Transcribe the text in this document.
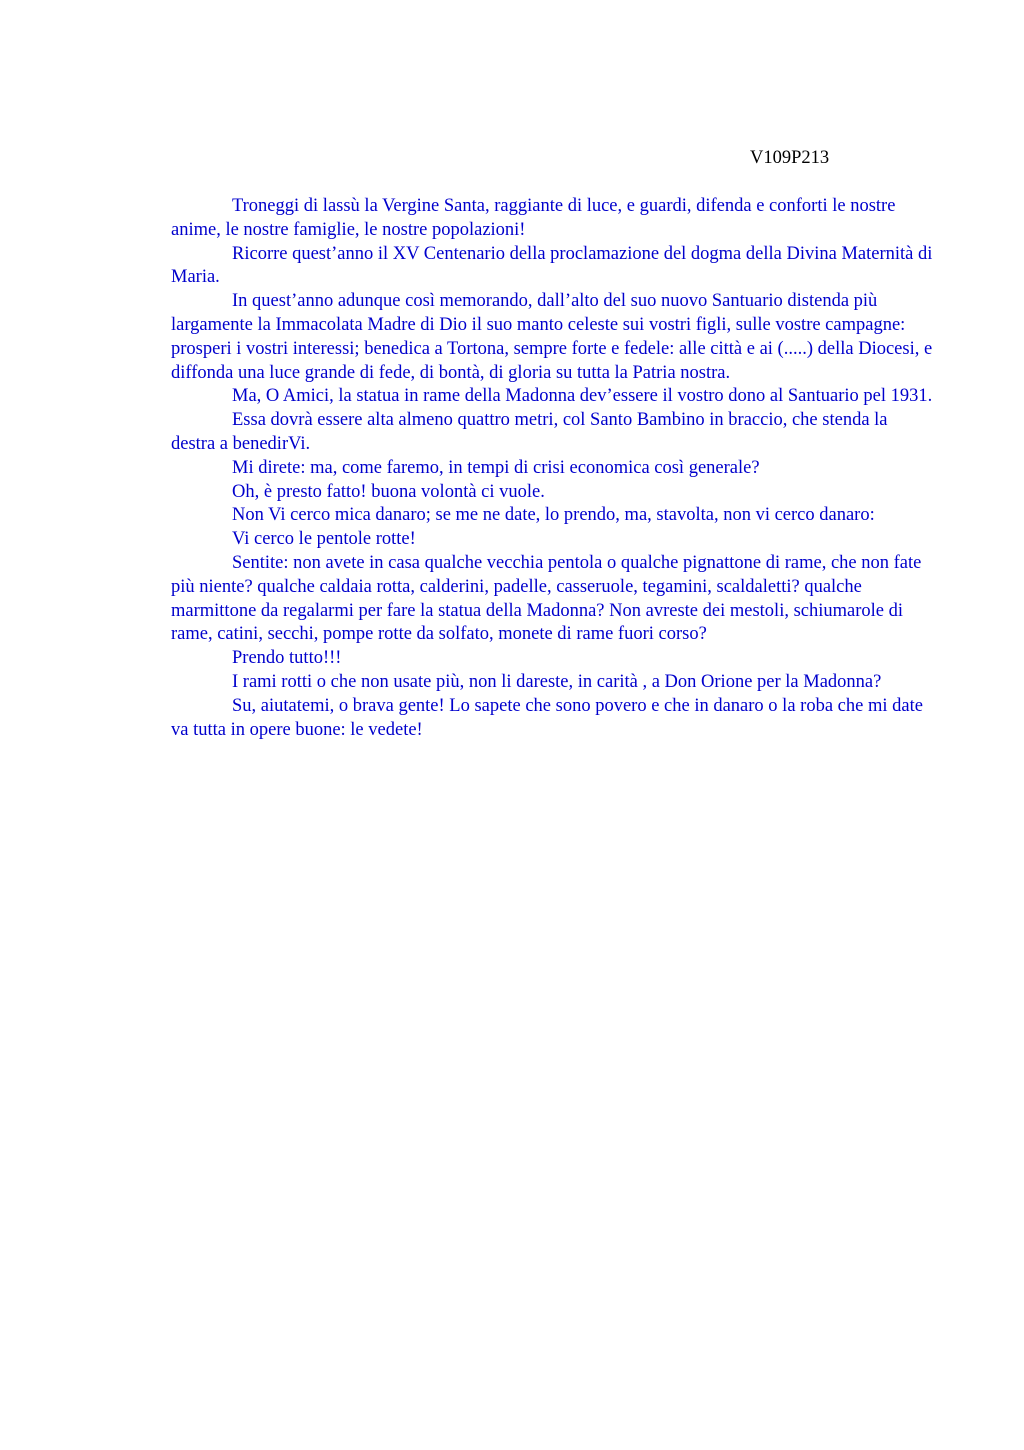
V109P213

Troneggi di lassù la Vergine Santa, raggiante di luce, e guardi, difenda e conforti le nostre anime, le nostre famiglie, le nostre popolazioni!

Ricorre quest’anno il XV Centenario della proclamazione del dogma della Divina Maternità di Maria.

In quest’anno adunque così memorando, dall’alto del suo nuovo Santuario distenda più largamente la Immacolata Madre di Dio il suo manto celeste sui vostri figli, sulle vostre campagne: prosperi i vostri interessi; benedica a Tortona, sempre forte e fedele: alle città e ai (.....) della Diocesi, e diffonda una luce grande di fede, di bontà, di gloria su tutta la Patria nostra.

Ma, O Amici, la statua in rame della Madonna dev’essere il vostro dono al Santuario pel 1931.

Essa dovrà essere alta almeno quattro metri, col Santo Bambino in braccio, che stenda la destra a benedirVi.

Mi direte: ma, come faremo, in tempi di crisi economica così generale?

Oh, è presto fatto! buona volontà ci vuole.

Non Vi cerco mica danaro; se me ne date, lo prendo, ma, stavolta, non vi cerco danaro:

Vi cerco le pentole rotte!

Sentite: non avete in casa qualche vecchia pentola o qualche pignattone di rame, che non fate più niente? qualche caldaia rotta, calderini, padelle, casseruole, tegamini, scaldaletti? qualche marmittone da regalarmi per fare la statua della Madonna? Non avreste dei mestoli, schiumarole di rame, catini, secchi, pompe rotte da solfato, monete di rame fuori corso?

Prendo tutto!!!

I rami rotti o che non usate più, non li dareste, in carità , a Don Orione per la Madonna?

Su, aiutatemi, o brava gente! Lo sapete che sono povero e che in danaro o la roba che mi date va tutta in opere buone: le vedete!
